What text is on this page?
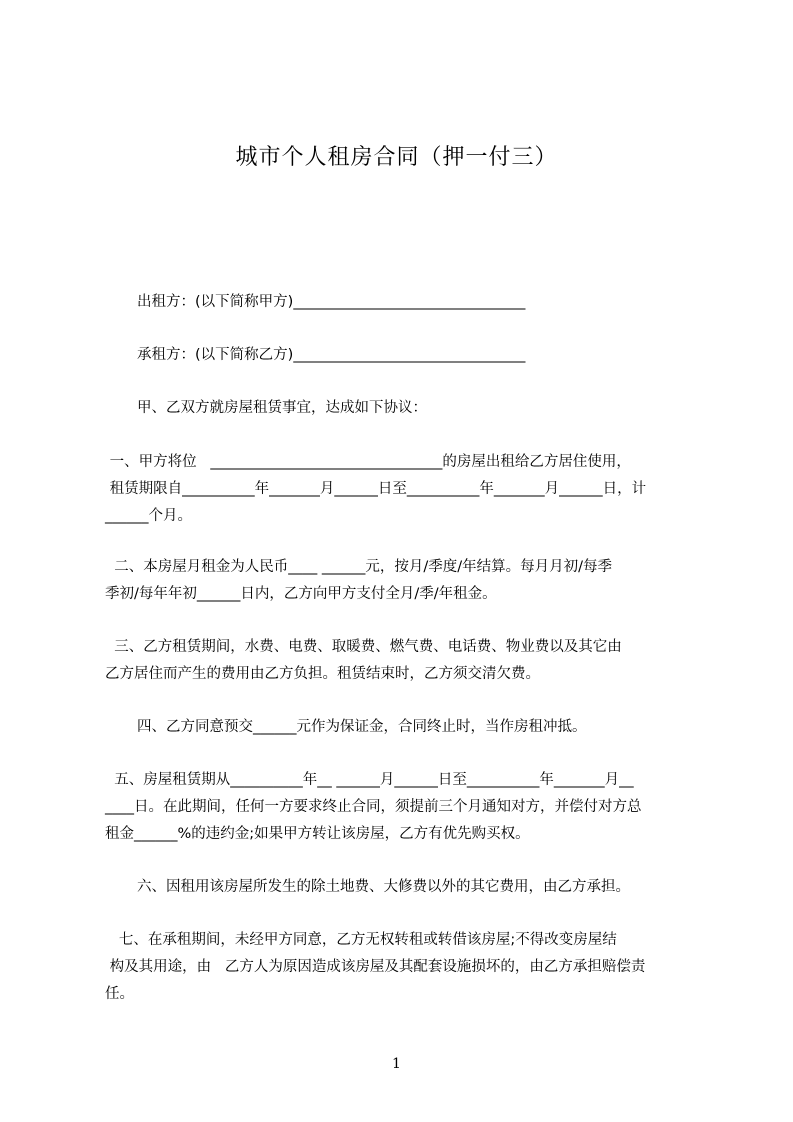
城市个人租房合同（押一付三）
出租方：(以下简称甲方)________________________________
承租方：(以下简称乙方)________________________________
甲、乙双方就房屋租赁事宜，达成如下协议：
一、甲方将位   ________________________________的房屋出租给乙方居住使用，
租赁期限自__________年_______月______日至__________年_______月______日，计
______个月。
二、本房屋月租金为人民币____ ______元，按月/季度/年结算。每月月初/每季
季初/每年年初______日内，乙方向甲方支付全月/季/年租金。
三、乙方租赁期间，水费、电费、取暖费、燃气费、电话费、物业费以及其它由
乙方居住而产生的费用由乙方负担。租赁结束时，乙方须交清欠费。
四、乙方同意预交______元作为保证金，合同终止时，当作房租冲抵。
五、房屋租赁期从__________年__ ______月______日至__________年_______月__
____日。在此期间，任何一方要求终止合同，须提前三个月通知对方，并偿付对方总
租金______%的违约金;如果甲方转让该房屋，乙方有优先购买权。
六、因租用该房屋所发生的除土地费、大修费以外的其它费用，由乙方承担。
七、在承租期间，未经甲方同意，乙方无权转租或转借该房屋;不得改变房屋结
构及其用途，由   乙方人为原因造成该房屋及其配套设施损坏的，由乙方承担赔偿责
任。
1
